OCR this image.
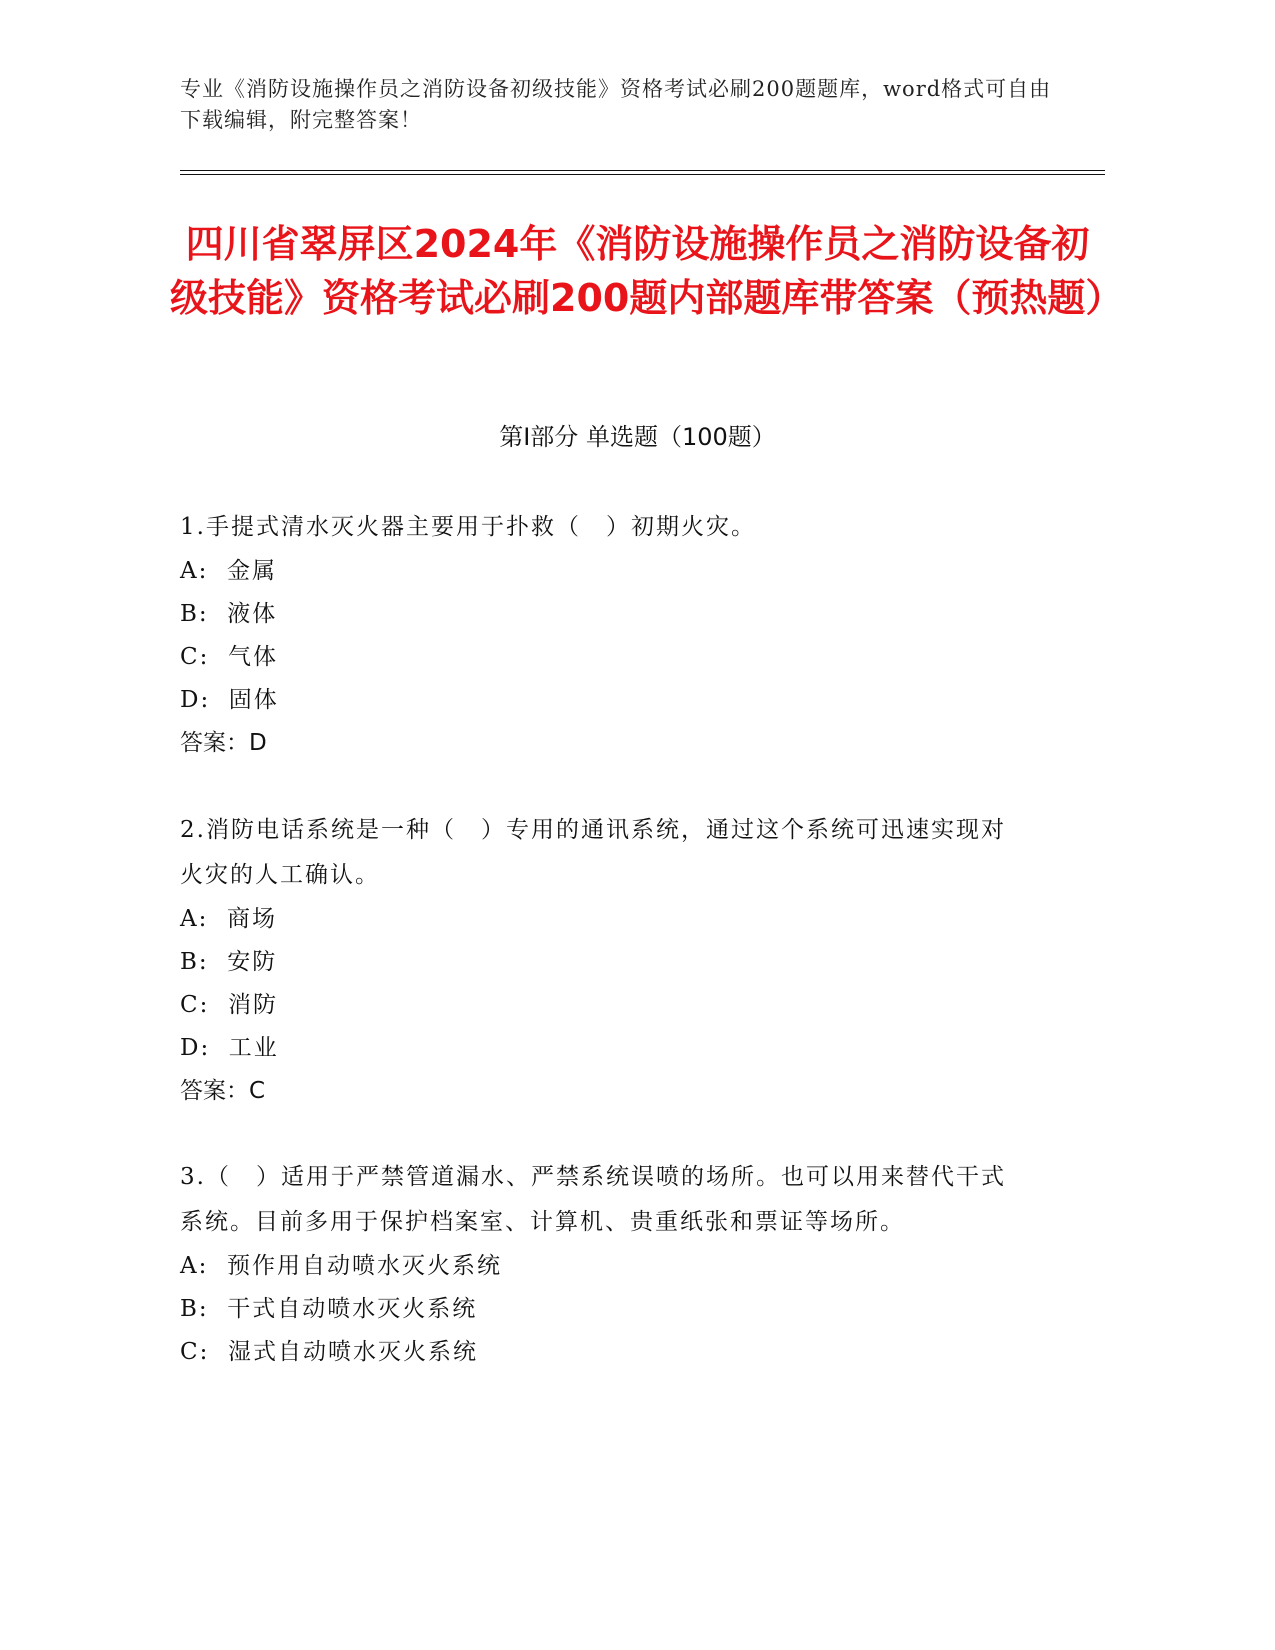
专业《消防设施操作员之消防设备初级技能》资格考试必刷200题题库，word格式可自由下载编辑，附完整答案！
四川省翠屏区2024年《消防设施操作员之消防设备初级技能》资格考试必刷200题内部题库带答案（预热题）
第I部分 单选题（100题）

1.手提式清水灭火器主要用于扑救（　）初期火灾。

A:  金属

B:  液体

C:  气体

D:  固体

答案：D

2.消防电话系统是一种（　）专用的通讯系统，通过这个系统可迅速实现对火灾的人工确认。

A:  商场

B:  安防

C:  消防

D:  工业

答案：C

3.（　）适用于严禁管道漏水、严禁系统误喷的场所。也可以用来替代干式系统。目前多用于保护档案室、计算机、贵重纸张和票证等场所。

A:  预作用自动喷水灭火系统

B:  干式自动喷水灭火系统

C:  湿式自动喷水灭火系统
